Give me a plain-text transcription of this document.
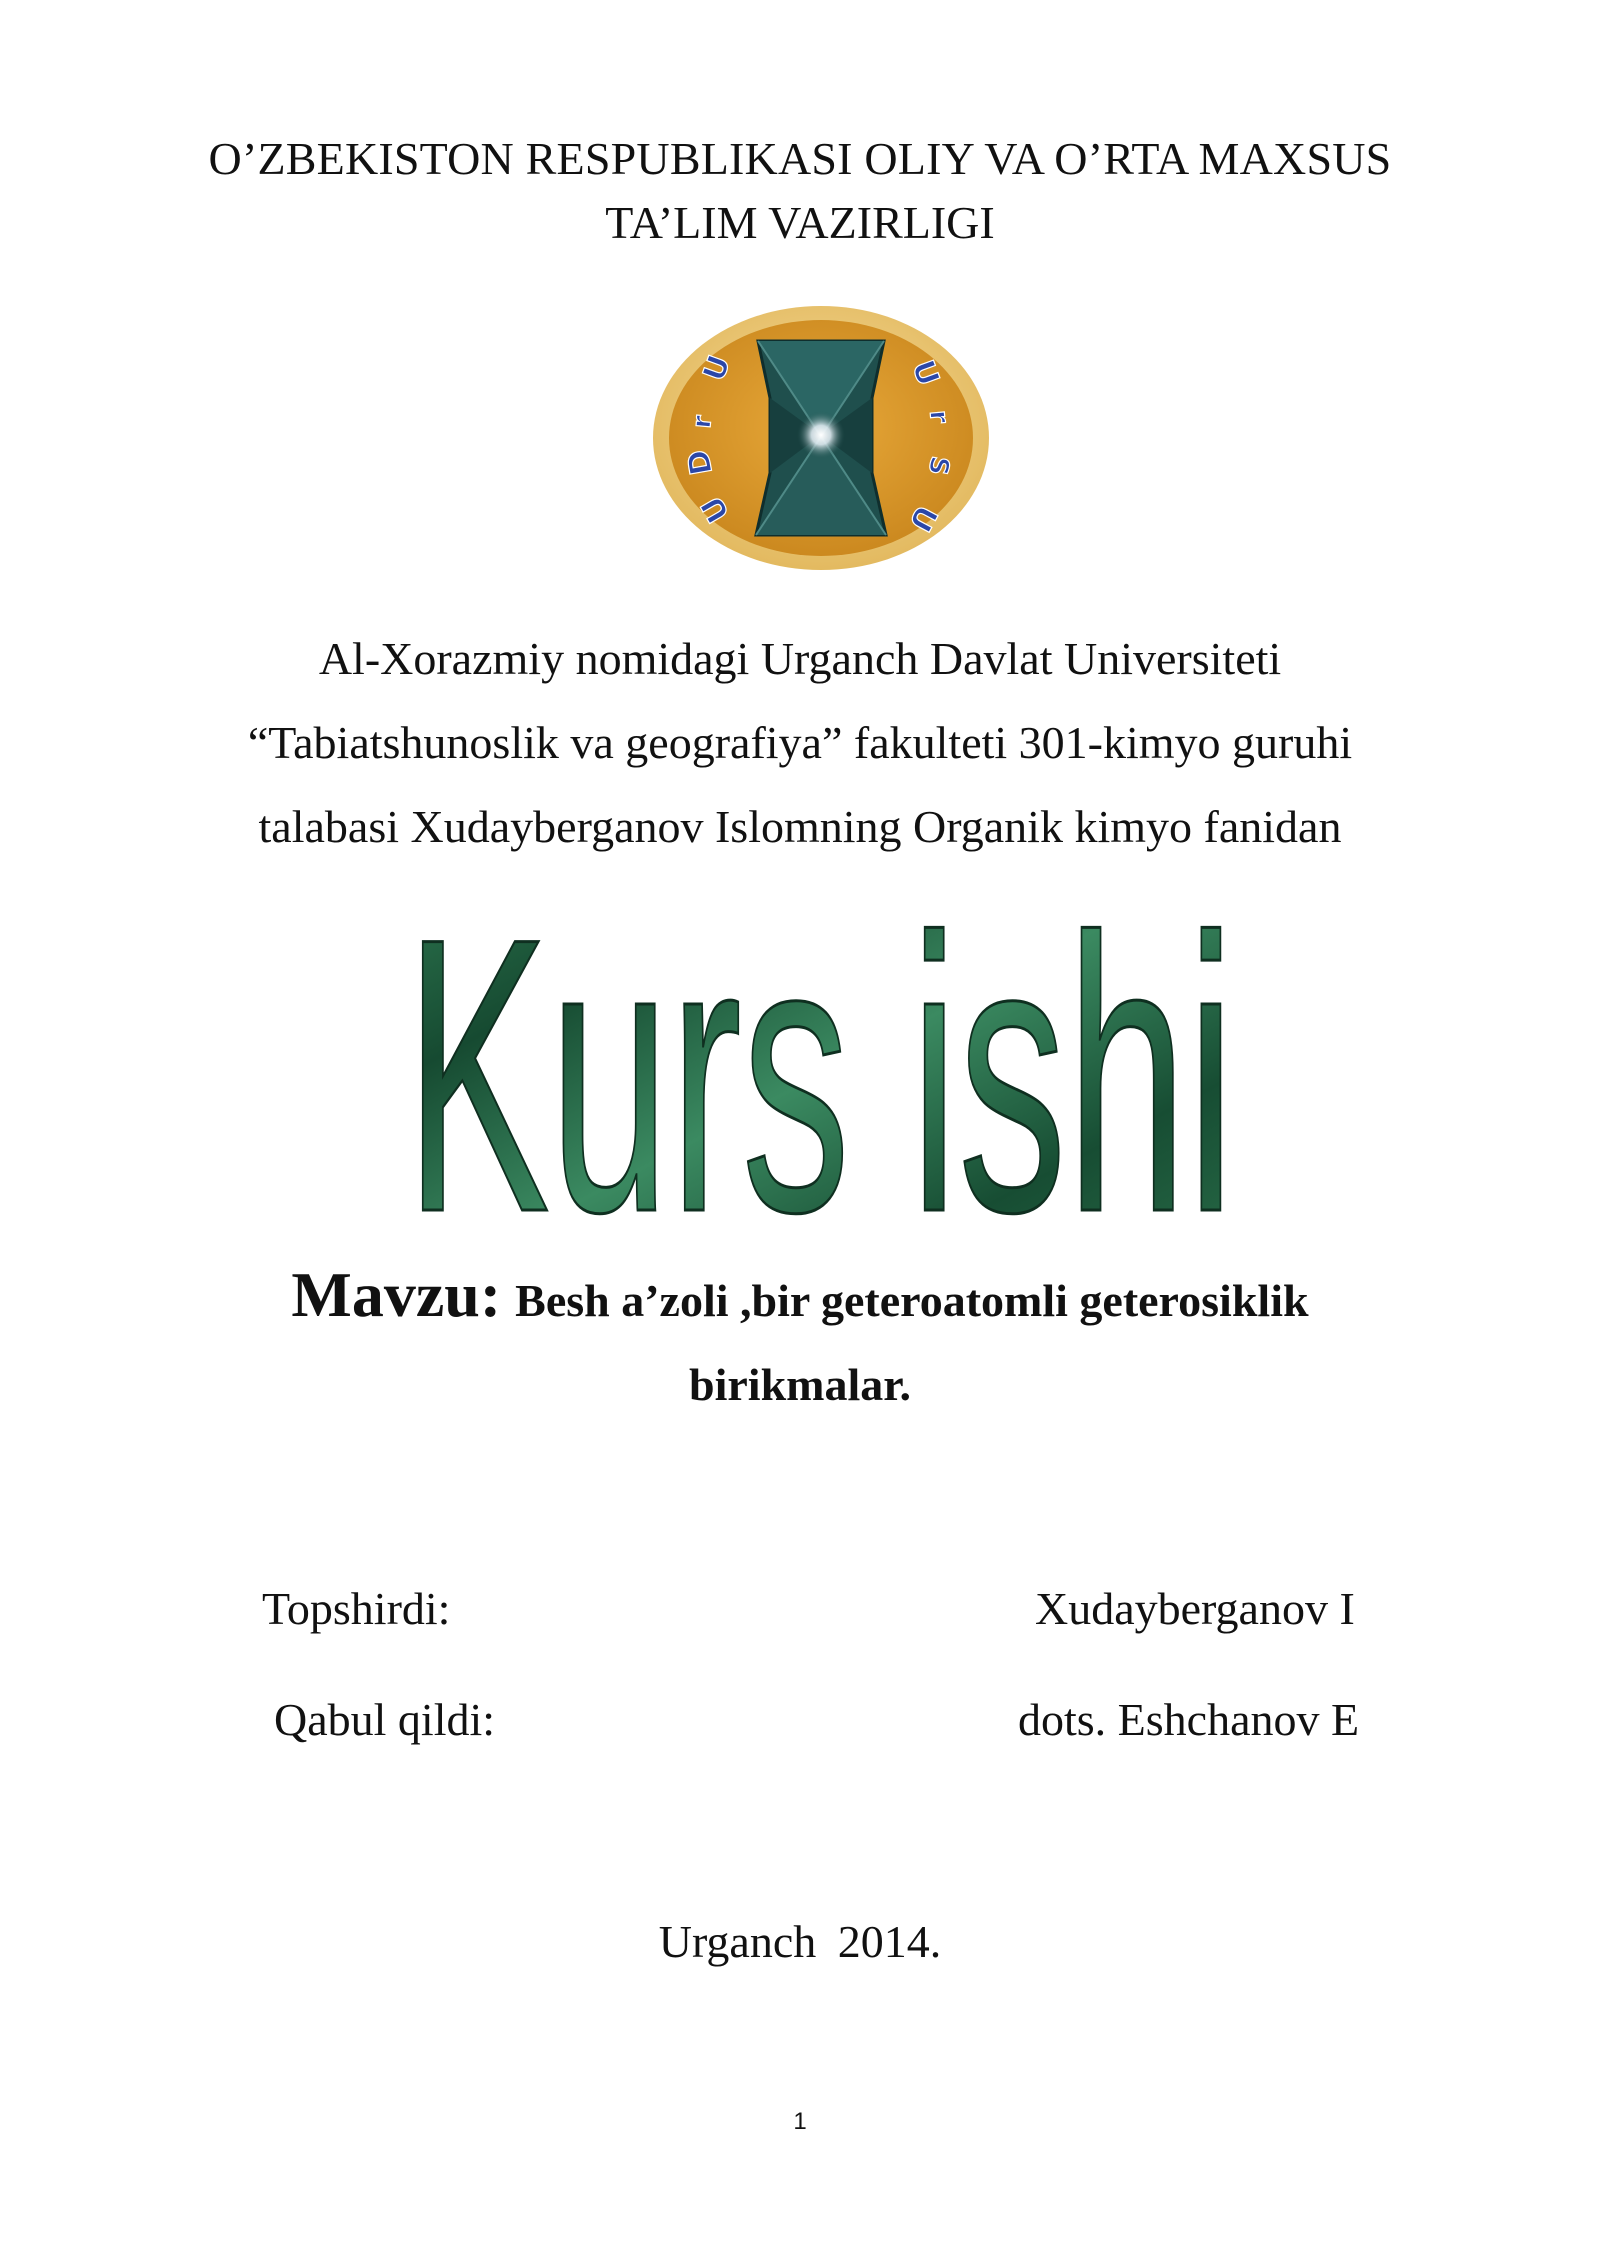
O’ZBEKISTON RESPUBLIKASI OLIY VA O’RTA MAXSUS
TA’LIM VAZIRLIGI
U
r
D
U
U
r
S
U
Al-Xorazmiy nomidagi Urganch Davlat Universiteti
“Tabiatshunoslik va geografiya” fakulteti 301-kimyo guruhi
talabasi Xudayberganov Islomning Organik kimyo fanidan
Kurs ishi
Mavzu: Besh a’zoli ,bir geteroatomli geterosiklik
birikmalar.
Topshirdi:	Xudayberganov I
Qabul qildi:	dots. Eshchanov E
Urganch 2014.
1
